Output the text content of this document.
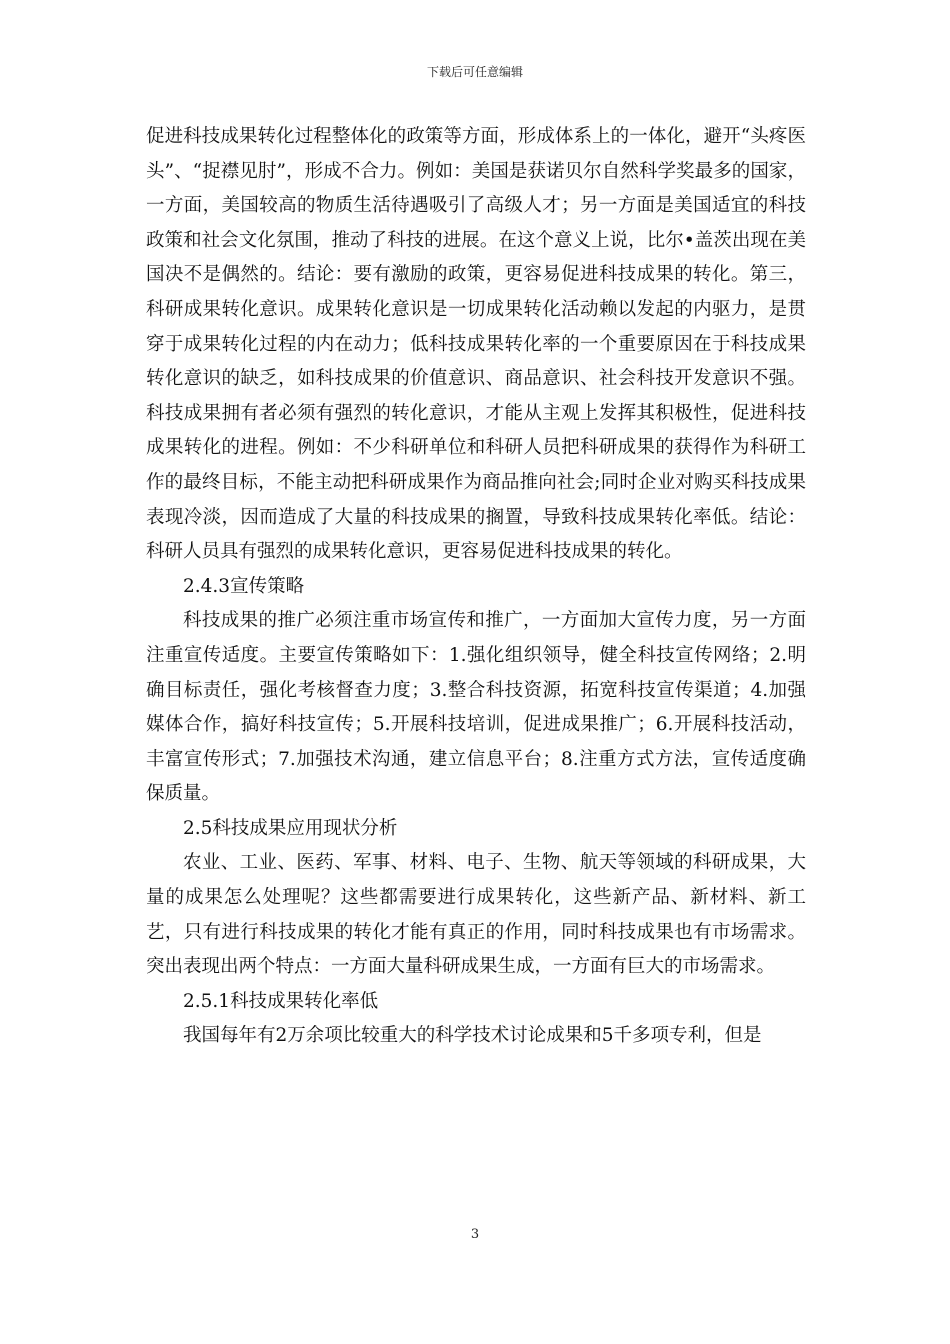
下载后可任意编辑

促进科技成果转化过程整体化的政策等方面，形成体系上的一体化，避开“头疼医头”、“捉襟见肘”，形成不合力。例如：美国是获诺贝尔自然科学奖最多的国家，一方面，美国较高的物质生活待遇吸引了高级人才；另一方面是美国适宜的科技政策和社会文化氛围，推动了科技的进展。在这个意义上说，比尔•盖茨出现在美国决不是偶然的。结论：要有激励的政策，更容易促进科技成果的转化。第三，科研成果转化意识。成果转化意识是一切成果转化活动赖以发起的内驱力，是贯穿于成果转化过程的内在动力；低科技成果转化率的一个重要原因在于科技成果转化意识的缺乏，如科技成果的价值意识、商品意识、社会科技开发意识不强。科技成果拥有者必须有强烈的转化意识，才能从主观上发挥其积极性，促进科技成果转化的进程。例如：不少科研单位和科研人员把科研成果的获得作为科研工作的最终目标，不能主动把科研成果作为商品推向社会;同时企业对购买科技成果表现冷淡，因而造成了大量的科技成果的搁置，导致科技成果转化率低。结论：科研人员具有强烈的成果转化意识，更容易促进科技成果的转化。

2.4.3宣传策略

科技成果的推广必须注重市场宣传和推广，一方面加大宣传力度，另一方面注重宣传适度。主要宣传策略如下：1.强化组织领导，健全科技宣传网络；2.明确目标责任，强化考核督查力度；3.整合科技资源，拓宽科技宣传渠道；4.加强媒体合作，搞好科技宣传；5.开展科技培训，促进成果推广；6.开展科技活动，丰富宣传形式；7.加强技术沟通，建立信息平台；8.注重方式方法，宣传适度确保质量。

2.5科技成果应用现状分析

农业、工业、医药、军事、材料、电子、生物、航天等领域的科研成果，大量的成果怎么处理呢？这些都需要进行成果转化，这些新产品、新材料、新工艺，只有进行科技成果的转化才能有真正的作用，同时科技成果也有市场需求。突出表现出两个特点：一方面大量科研成果生成，一方面有巨大的市场需求。

2.5.1科技成果转化率低

我国每年有2万余项比较重大的科学技术讨论成果和5千多项专利，但是

3
